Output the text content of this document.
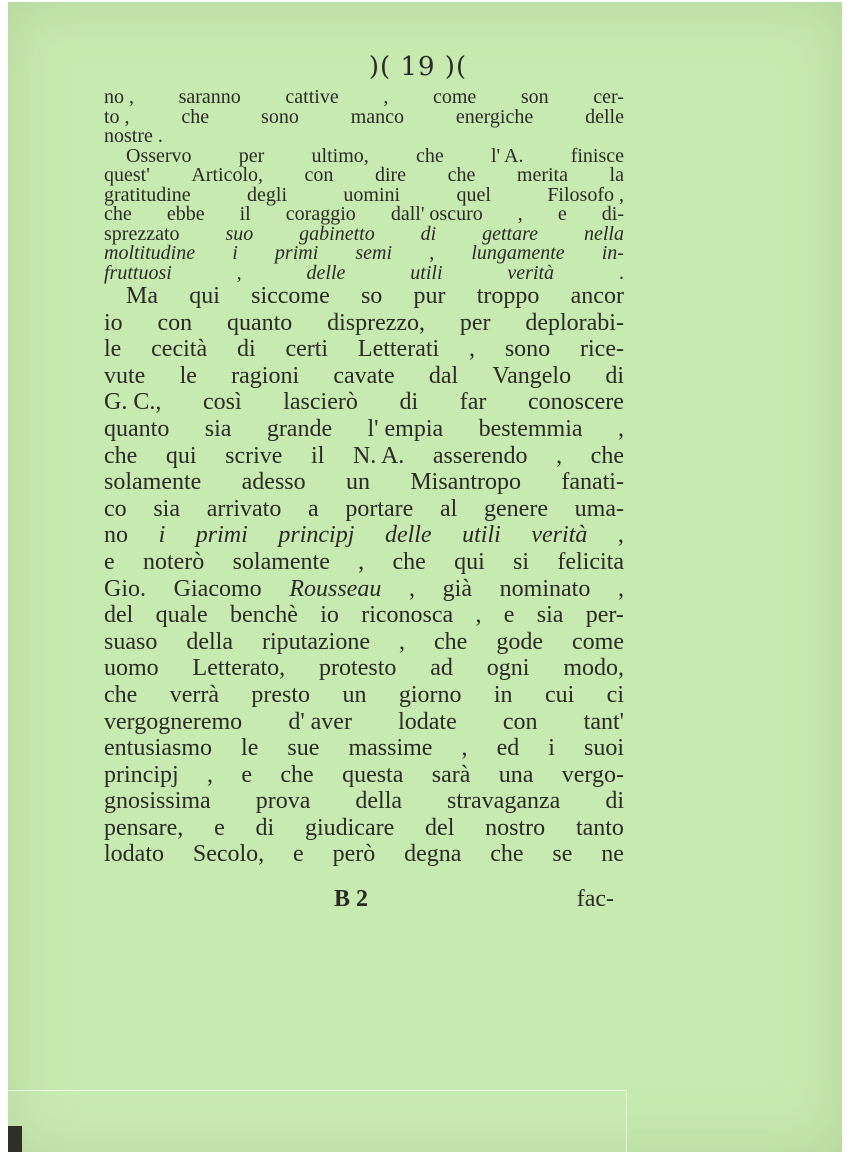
)( 19 )(
no , saranno cattive , come son cer-
to ,	che	sono	manco	energiche	delle
nostre .
Osservo per ultimo, che l' A. finisce
quest' Articolo, con dire che merita la
gratitudine	degli	uomini	quel	Filosofo ,
che ebbe il coraggio dall' oscuro , e di-
sprezzato suo gabinetto di gettare nella
moltitudine i primi semi , lungamente in-
fruttuosi	,	delle	utili	verità	.
Ma qui siccome so pur troppo ancor
io con quanto disprezzo, per deplorabi-
le cecità di certi Letterati , sono rice-
vute le ragioni cavate dal Vangelo di
G. C., così lascierò di far conoscere
quanto sia grande l' empia bestemmia ,
che qui scrive il N. A. asserendo , che
solamente adesso un Misantropo fanati-
co sia arrivato a portare al genere uma-
no i primi principj delle utili verità ,
e noterò solamente , che qui si felicita
Gio. Giacomo Rousseau , già nominato ,
del quale benchè io riconosca , e sia per-
suaso della riputazione , che gode come
uomo Letterato, protesto ad ogni modo,
che verrà presto un giorno in cui ci
vergogneremo d' aver lodate con tant'
entusiasmo le sue massime , ed i suoi
principj , e che questa sarà una vergo-
gnosissima prova della stravaganza di
pensare, e di giudicare del nostro tanto
lodato Secolo, e però degna che se ne
B 2	fac-
